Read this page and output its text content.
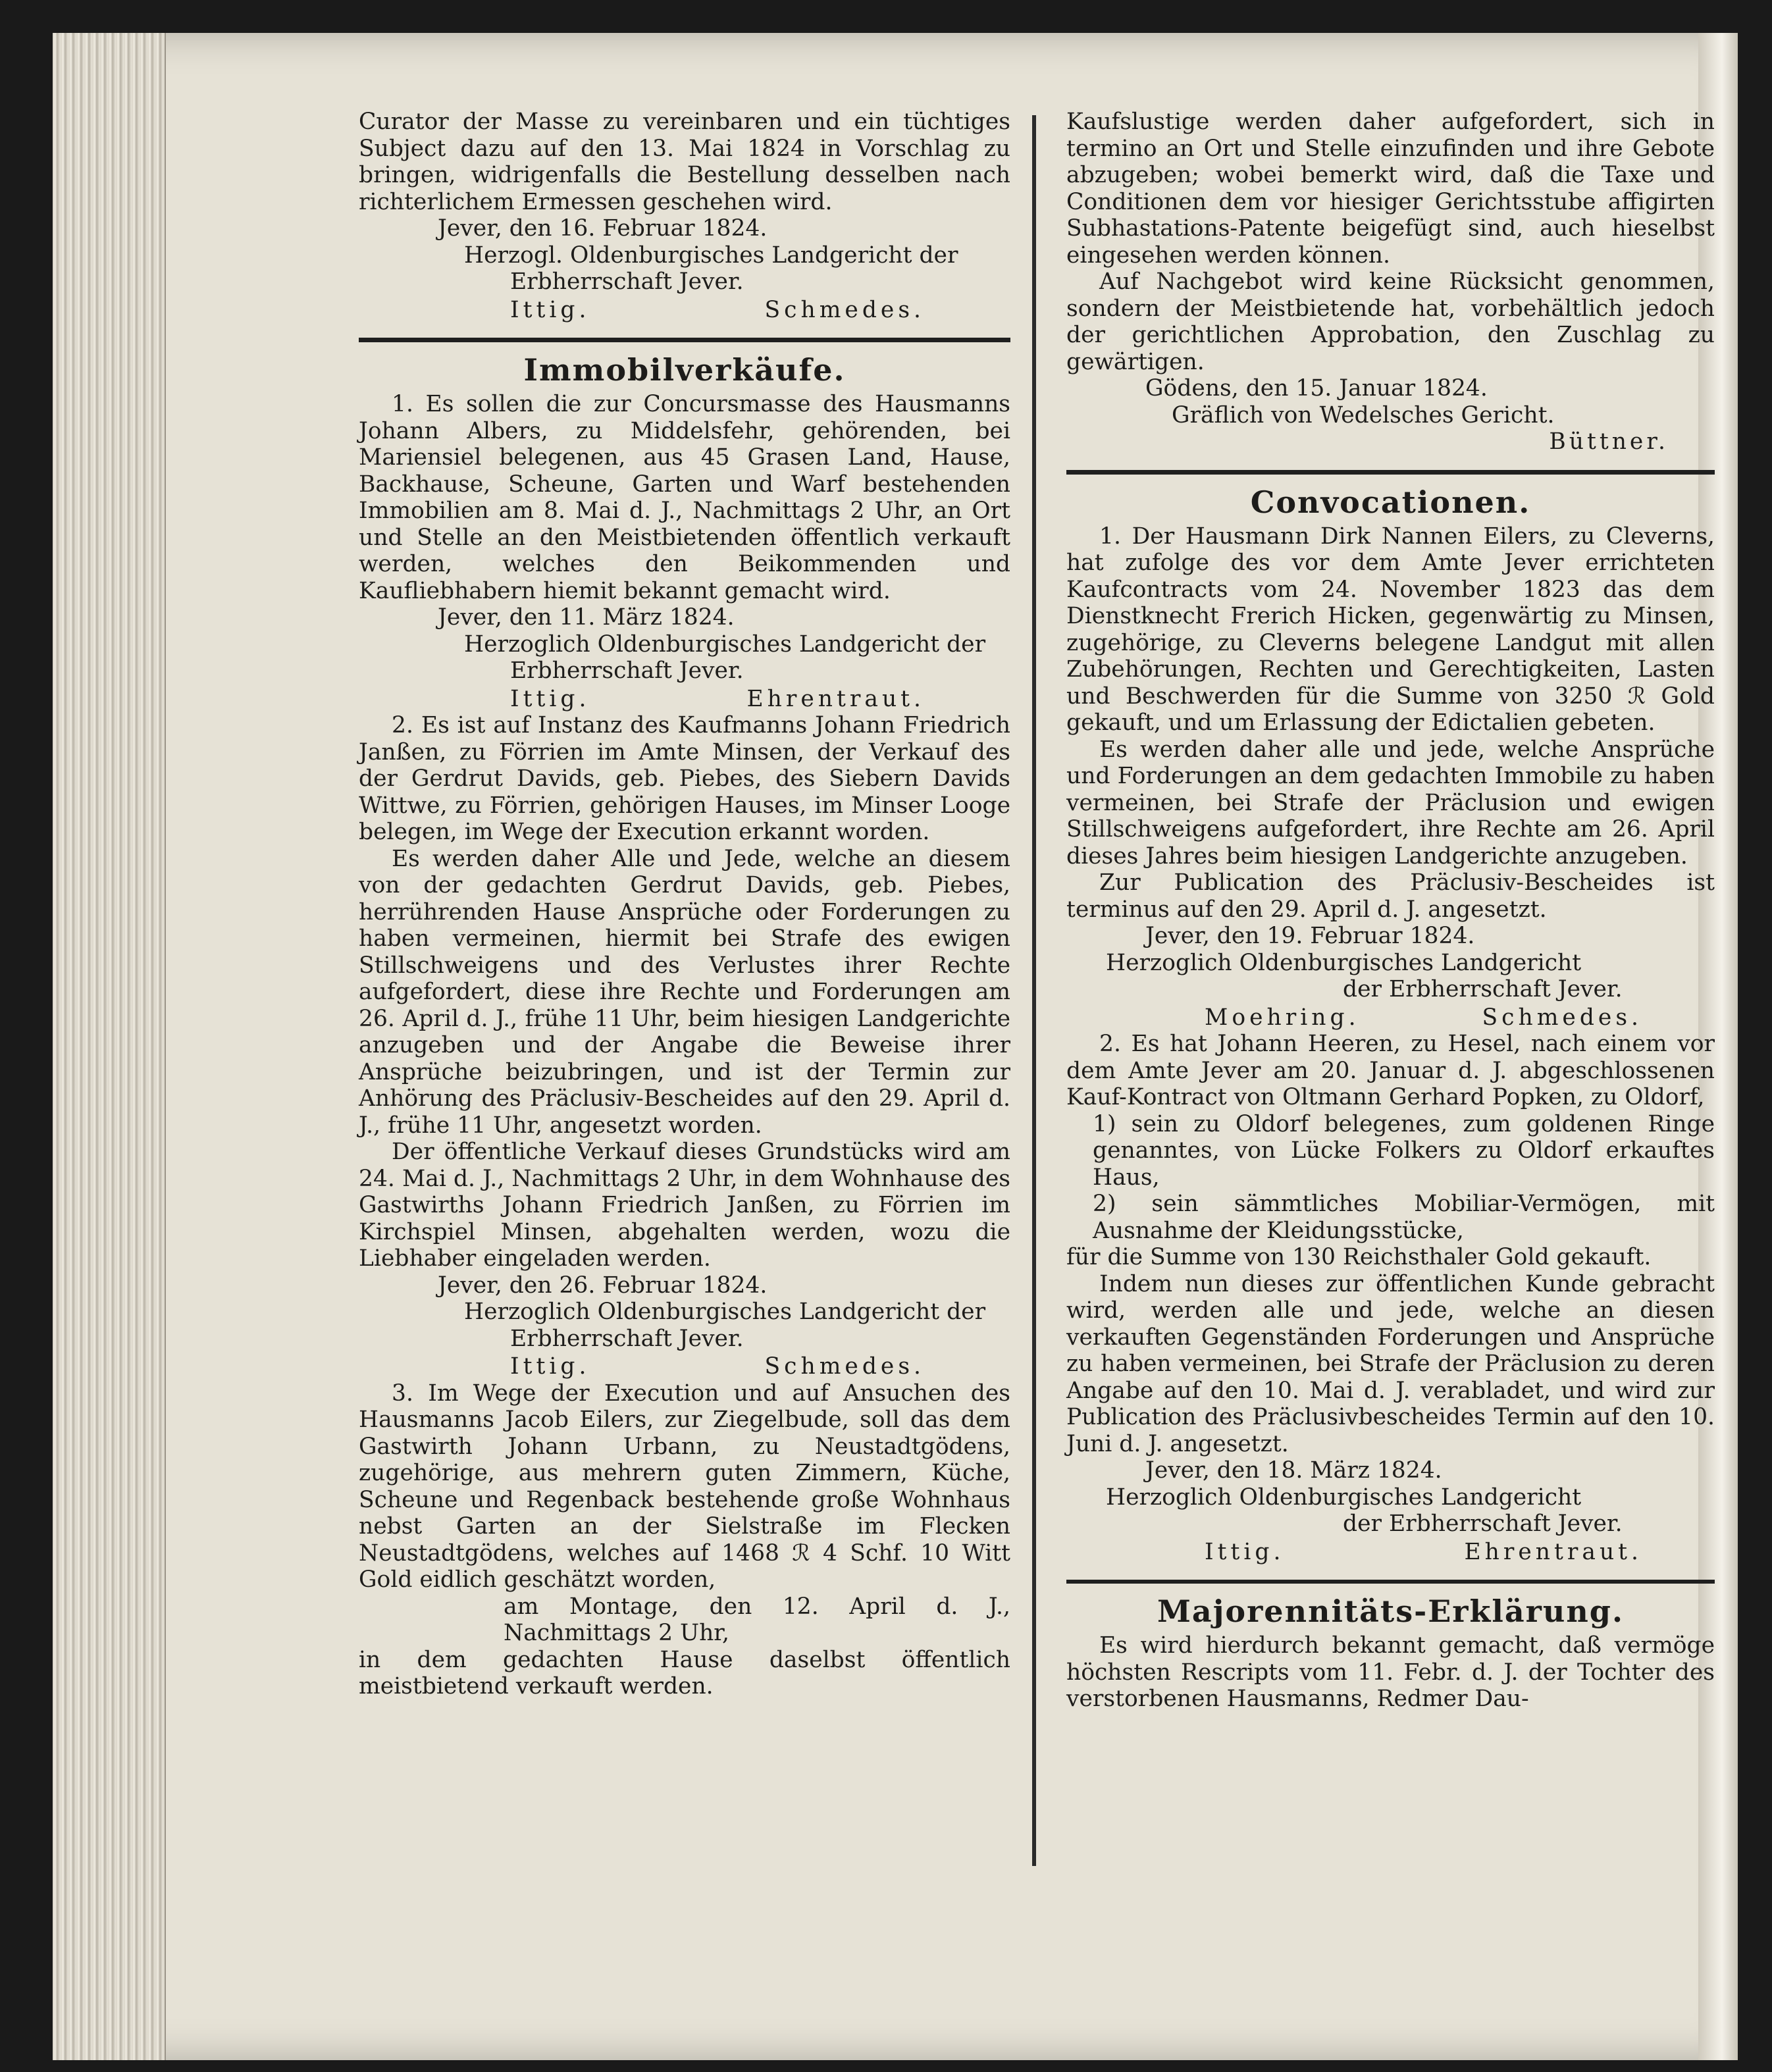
Curator der Masse zu vereinbaren und ein tüchtiges Subject dazu auf den 13. Mai 1824 in Vorschlag zu bringen, widrigenfalls die Bestellung desselben nach richterlichem Ermessen geschehen wird.

Jever, den 16. Februar 1824.

Herzogl. Oldenburgisches Landgericht der

Erbherrschaft Jever.

Ittig.	Schmedes.
Immobilverkäufe.

1. Es sollen die zur Concursmasse des Hausmanns Johann Albers, zu Middelsfehr, gehörenden, bei Mariensiel belegenen, aus 45 Grasen Land, Hause, Backhause, Scheune, Garten und Warf bestehenden Immobilien am 8. Mai d. J., Nachmittags 2 Uhr, an Ort und Stelle an den Meistbietenden öffentlich verkauft werden, welches den Beikommenden und Kaufliebhabern hiemit bekannt gemacht wird.

Jever, den 11. März 1824.

Herzoglich Oldenburgisches Landgericht der

Erbherrschaft Jever.

Ittig.	Ehrentraut.

2. Es ist auf Instanz des Kaufmanns Johann Friedrich Janßen, zu Förrien im Amte Minsen, der Verkauf des der Gerdrut Davids, geb. Piebes, des Siebern Davids Wittwe, zu Förrien, gehörigen Hauses, im Minser Looge belegen, im Wege der Execution erkannt worden.

Es werden daher Alle und Jede, welche an diesem von der gedachten Gerdrut Davids, geb. Piebes, herrührenden Hause Ansprüche oder Forderungen zu haben vermeinen, hiermit bei Strafe des ewigen Stillschweigens und des Verlustes ihrer Rechte aufgefordert, diese ihre Rechte und Forderungen am 26. April d. J., frühe 11 Uhr, beim hiesigen Landgerichte anzugeben und der Angabe die Beweise ihrer Ansprüche beizubringen, und ist der Termin zur Anhörung des Präclusiv-Bescheides auf den 29. April d. J., frühe 11 Uhr, angesetzt worden.

Der öffentliche Verkauf dieses Grundstücks wird am 24. Mai d. J., Nachmittags 2 Uhr, in dem Wohnhause des Gastwirths Johann Friedrich Janßen, zu Förrien im Kirchspiel Minsen, abgehalten werden, wozu die Liebhaber eingeladen werden.

Jever, den 26. Februar 1824.

Herzoglich Oldenburgisches Landgericht der

Erbherrschaft Jever.

Ittig.	Schmedes.

3. Im Wege der Execution und auf Ansuchen des Hausmanns Jacob Eilers, zur Ziegelbude, soll das dem Gastwirth Johann Urbann, zu Neustadtgödens, zugehörige, aus mehrern guten Zimmern, Küche, Scheune und Regenback bestehende große Wohnhaus nebst Garten an der Sielstraße im Flecken Neustadtgödens, welches auf 1468 ℛ 4 Schf. 10 Witt Gold eidlich geschätzt worden,

am Montage, den 12. April d. J., Nachmittags 2 Uhr,

in dem gedachten Hause daselbst öffentlich meistbietend verkauft werden.

Kaufslustige werden daher aufgefordert, sich in termino an Ort und Stelle einzufinden und ihre Gebote abzugeben; wobei bemerkt wird, daß die Taxe und Conditionen dem vor hiesiger Gerichtsstube affigirten Subhastations-Patente beigefügt sind, auch hieselbst eingesehen werden können.

Auf Nachgebot wird keine Rücksicht genommen, sondern der Meistbietende hat, vorbehältlich jedoch der gerichtlichen Approbation, den Zuschlag zu gewärtigen.

Gödens, den 15. Januar 1824.

Gräflich von Wedelsches Gericht.

Büttner.

Convocationen.

1. Der Hausmann Dirk Nannen Eilers, zu Cleverns, hat zufolge des vor dem Amte Jever errichteten Kaufcontracts vom 24. November 1823 das dem Dienstknecht Frerich Hicken, gegenwärtig zu Minsen, zugehörige, zu Cleverns belegene Landgut mit allen Zubehörungen, Rechten und Gerechtigkeiten, Lasten und Beschwerden für die Summe von 3250 ℛ Gold gekauft, und um Erlassung der Edictalien gebeten.

Es werden daher alle und jede, welche Ansprüche und Forderungen an dem gedachten Immobile zu haben vermeinen, bei Strafe der Präclusion und ewigen Stillschweigens aufgefordert, ihre Rechte am 26. April dieses Jahres beim hiesigen Landgerichte anzugeben.

Zur Publication des Präclusiv-Bescheides ist terminus auf den 29. April d. J. angesetzt.

Jever, den 19. Februar 1824.

Herzoglich Oldenburgisches Landgericht

der Erbherrschaft Jever.

Moehring.	Schmedes.

2. Es hat Johann Heeren, zu Hesel, nach einem vor dem Amte Jever am 20. Januar d. J. abgeschlossenen Kauf-Kontract von Oltmann Gerhard Popken, zu Oldorf,

1) sein zu Oldorf belegenes, zum goldenen Ringe genanntes, von Lücke Folkers zu Oldorf erkauftes Haus,

2) sein sämmtliches Mobiliar-Vermögen, mit Ausnahme der Kleidungsstücke,

für die Summe von 130 Reichsthaler Gold gekauft.

Indem nun dieses zur öffentlichen Kunde gebracht wird, werden alle und jede, welche an diesen verkauften Gegenständen Forderungen und Ansprüche zu haben vermeinen, bei Strafe der Präclusion zu deren Angabe auf den 10. Mai d. J. verabladet, und wird zur Publication des Präclusivbescheides Termin auf den 10. Juni d. J. angesetzt.

Jever, den 18. März 1824.

Herzoglich Oldenburgisches Landgericht

der Erbherrschaft Jever.

Ittig.	Ehrentraut.
Majorennitäts-Erklärung.

Es wird hierdurch bekannt gemacht, daß vermöge höchsten Rescripts vom 11. Febr. d. J. der Tochter des verstorbenen Hausmanns, Redmer Dau-
